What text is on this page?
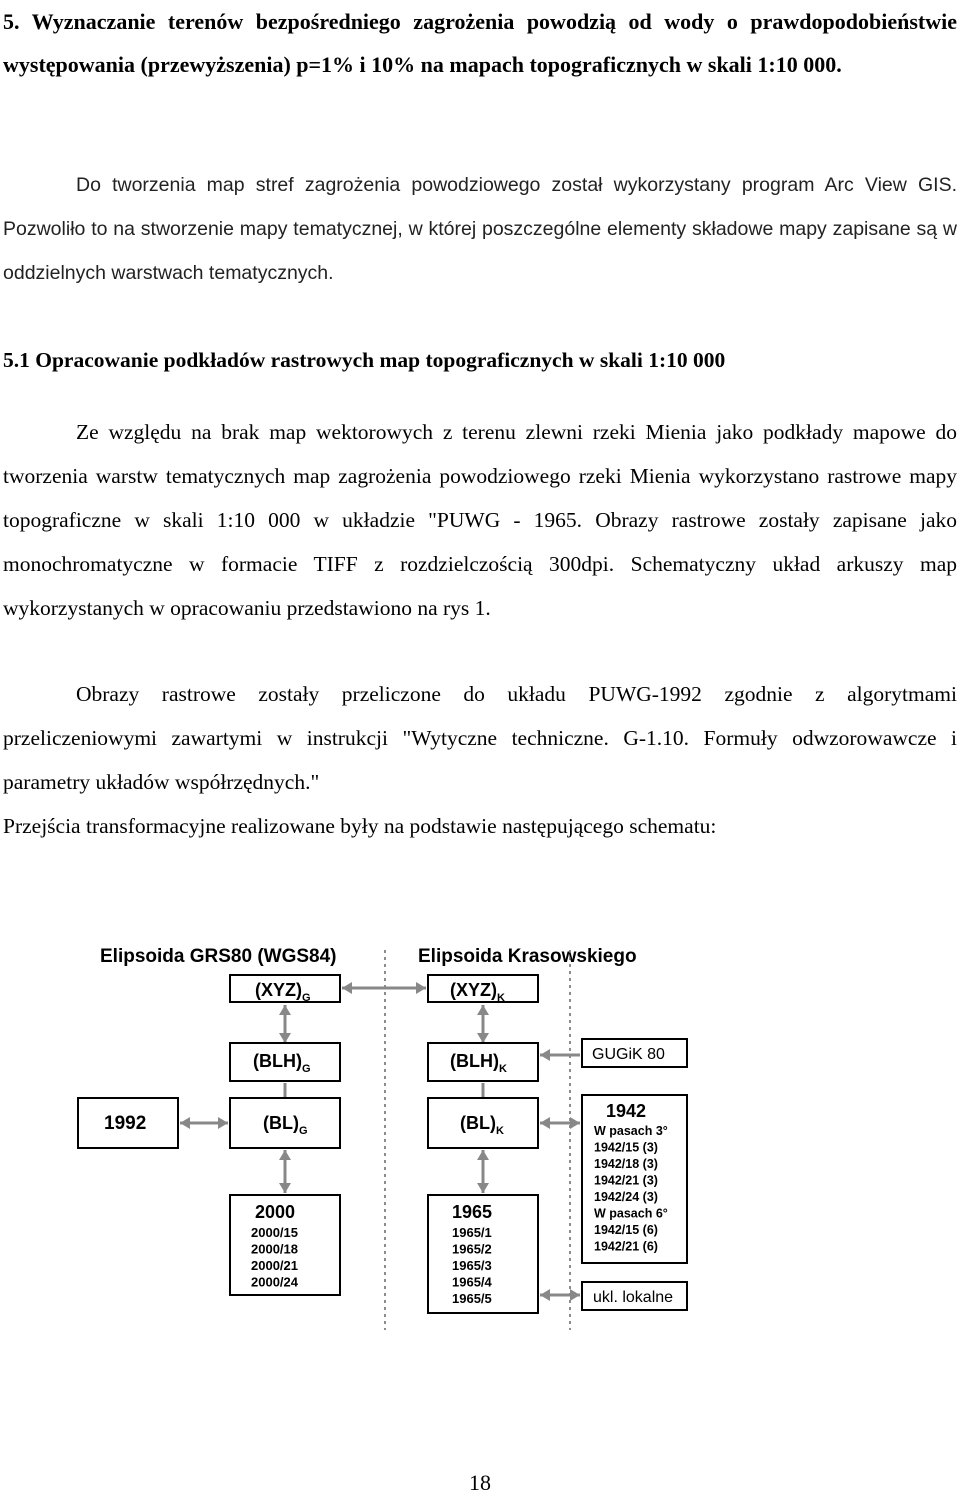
5. Wyznaczanie terenów bezpośredniego zagrożenia powodzią od wody o prawdopodobieństwie występowania (przewyższenia) p=1% i 10% na mapach topograficznych w skali 1:10 000.

Do tworzenia map stref zagrożenia powodziowego został wykorzystany program Arc View GIS. Pozwoliło to na stworzenie mapy tematycznej, w której poszczególne elementy składowe mapy zapisane są w oddzielnych warstwach tematycznych.

5.1 Opracowanie podkładów rastrowych map topograficznych w skali 1:10 000

Ze względu na brak map wektorowych z terenu zlewni rzeki Mienia jako podkłady mapowe do tworzenia warstw tematycznych map zagrożenia powodziowego rzeki Mienia wykorzystano rastrowe mapy topograficzne w skali 1:10 000 w układzie "PUWG - 1965. Obrazy rastrowe zostały zapisane jako monochromatyczne w formacie TIFF z rozdzielczością 300dpi. Schematyczny układ arkuszy map wykorzystanych w opracowaniu przedstawiono na rys 1.

Obrazy rastrowe zostały przeliczone do układu PUWG-1992 zgodnie z algorytmami przeliczeniowymi zawartymi w instrukcji "Wytyczne techniczne. G-1.10. Formuły odwzorowawcze i parametry układów współrzędnych."

Przejścia transformacyjne realizowane były na podstawie następującego schematu:

Elipsoida GRS80 (WGS84)	Elipsoida Krasowskiego
$(XYZ)_G$	$(XYZ)_K$
$(BLH)_G$	$(BLH)_K$
GUGiK 80
$(BL)_G$	$(BL)_K$
1992
1942
W pasach 3°
1942/15 (3)
1942/18 (3)
1942/21 (3)
1942/24 (3)
W pasach 6°
1942/15 (6)
1942/21 (6)
2000
2000/15
2000/18
2000/21
2000/24
1965
1965/1
1965/2
1965/3
1965/4
1965/5	ukl. lokalne
18
